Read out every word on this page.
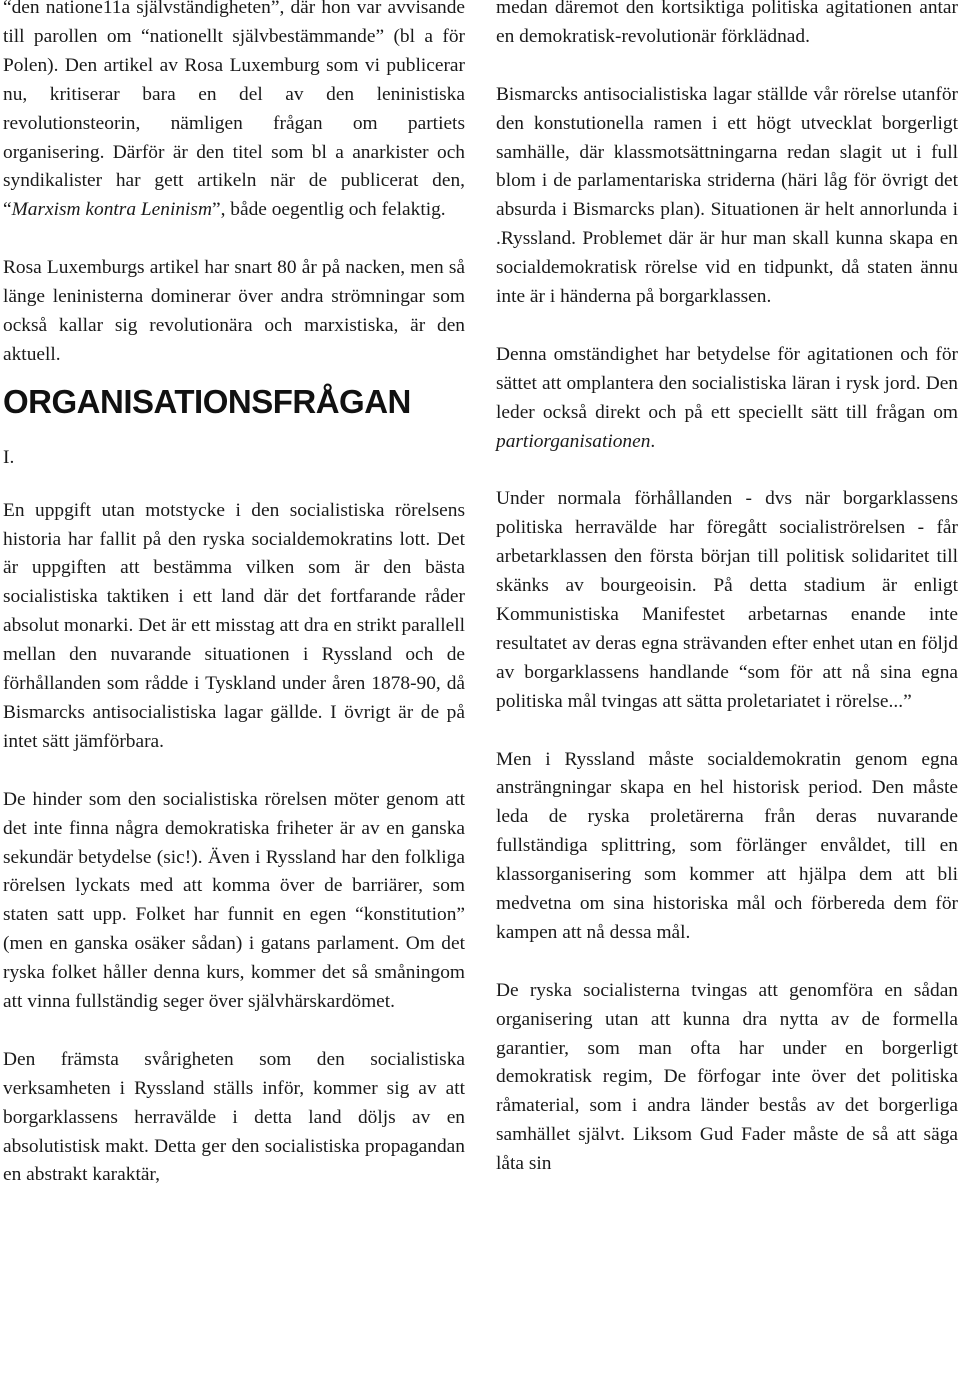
“den natione11a självständigheten”, där hon var avvisande till parollen om “nationellt självbestämmande” (bl a för Polen). Den artikel av Rosa Luxemburg som vi publicerar nu, kritiserar bara en del av den leninistiska revolutionsteorin, nämligen frågan om partiets organisering. Därför är den titel som bl a anarkister och syndikalister har gett artikeln när de publicerat den, “Marxism kontra Leninism”, både oegentlig och felaktig.

Rosa Luxemburgs artikel har snart 80 år på nacken, men så länge leninisterna dominerar över andra strömningar som också kallar sig revolutionära och marxistiska, är den aktuell.

ORGANISATIONSFRÅGAN
I.

En uppgift utan motstycke i den socialistiska rörelsens historia har fallit på den ryska socialdemokratins lott. Det är uppgiften att bestämma vilken som är den bästa socialistiska taktiken i ett land där det fortfarande råder absolut monarki. Det är ett misstag att dra en strikt parallell mellan den nuvarande situationen i Ryssland och de förhållanden som rådde i Tyskland under åren 1878-90, då Bismarcks antisocialistiska lagar gällde. I övrigt är de på intet sätt jämförbara.

De hinder som den socialistiska rörelsen möter genom att det inte finna några demokratiska friheter är av en ganska sekundär betydelse (sic!). Även i Ryssland har den folkliga rörelsen lyckats med att komma över de barriärer, som staten satt upp. Folket har funnit en egen “konstitution” (men en ganska osäker sådan) i gatans parlament. Om det ryska folket håller denna kurs, kommer det så småningom att vinna fullständig seger över självhärskardömet.

Den främsta svårigheten som den socialistiska verksamheten i Ryssland ställs inför, kommer sig av att borgarklassens herravälde i detta land döljs av en absolutistisk makt. Detta ger den socialistiska propagandan en abstrakt karaktär,

medan däremot den kortsiktiga politiska agitationen antar en demokratisk-revolutionär förklädnad.

Bismarcks antisocialistiska lagar ställde vår rörelse utanför den konstutionella ramen i ett högt utvecklat borgerligt samhälle, där klassmotsättningarna redan slagit ut i full blom i de parlamentariska striderna (häri låg för övrigt det absurda i Bismarcks plan). Situationen är helt annorlunda i .Ryssland. Problemet där är hur man skall kunna skapa en socialdemokratisk rörelse vid en tidpunkt, då staten ännu inte är i händerna på borgarklassen.

Denna omständighet har betydelse för agitationen och för sättet att omplantera den socialistiska läran i rysk jord. Den leder också direkt och på ett speciellt sätt till frågan om partiorganisationen.

Under normala förhållanden - dvs när borgarklassens politiska herravälde har föregått socialiströrelsen - får arbetarklassen den första början till politisk solidaritet till skänks av bourgeoisin. På detta stadium är enligt Kommunistiska Manifestet arbetarnas enande inte resultatet av deras egna strävanden efter enhet utan en följd av borgarklassens handlande “som för att nå sina egna politiska mål tvingas att sätta proletariatet i rörelse...”

Men i Ryssland måste socialdemokratin genom egna ansträngningar skapa en hel historisk period. Den måste leda de ryska proletärerna från deras nuvarande fullständiga splittring, som förlänger envåldet, till en klassorganisering som kommer att hjälpa dem att bli medvetna om sina historiska mål och förbereda dem för kampen att nå dessa mål.

De ryska socialisterna tvingas att genomföra en sådan organisering utan att kunna dra nytta av de formella garantier, som man ofta har under en borgerligt demokratisk regim, De förfogar inte över det politiska råmaterial, som i andra länder bestås av det borgerliga samhället självt. Liksom Gud Fader måste de så att säga låta sin
